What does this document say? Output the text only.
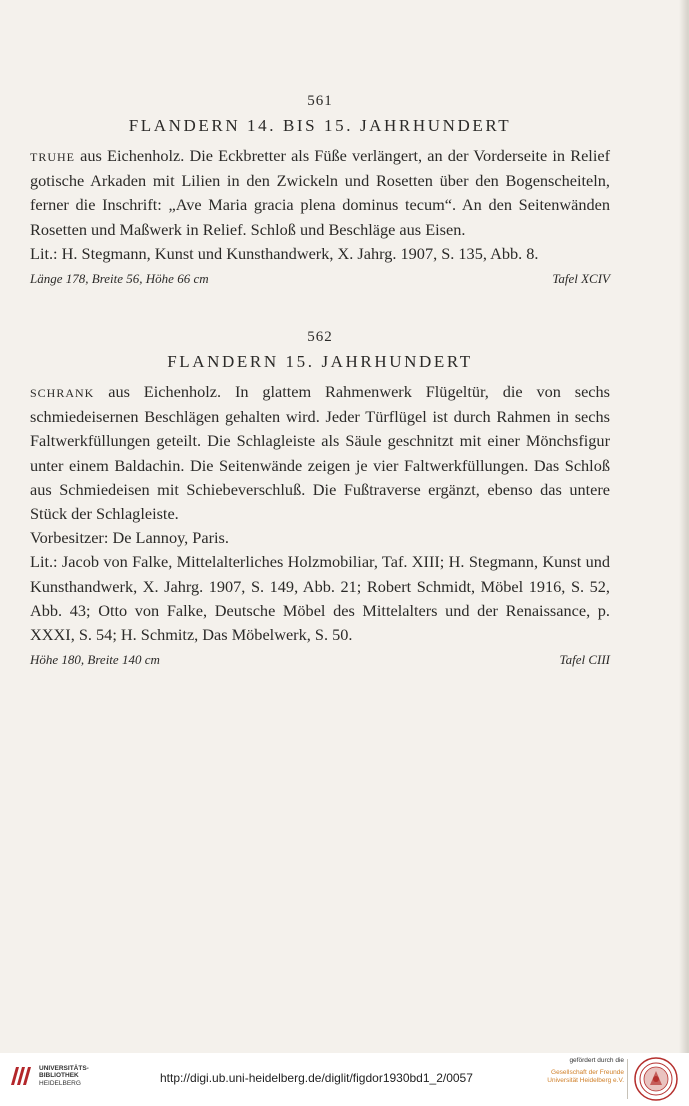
561
FLANDERN 14. BIS 15. JAHRHUNDERT

TRUHE aus Eichenholz. Die Eckbretter als Füße verlängert, an der Vorderseite in Relief gotische Arkaden mit Lilien in den Zwickeln und Rosetten über den Bogenscheiteln, ferner die Inschrift: „Ave Maria gracia plena dominus tecum“. An den Seitenwänden Rosetten und Maßwerk in Relief. Schloß und Beschläge aus Eisen.

Lit.: H. Stegmann, Kunst und Kunsthandwerk, X. Jahrg. 1907, S. 135, Abb. 8.

Länge 178, Breite 56, Höhe 66 cm	Tafel XCIV
562
FLANDERN 15. JAHRHUNDERT

SCHRANK aus Eichenholz. In glattem Rahmenwerk Flügeltür, die von sechs schmiedeisernen Beschlägen gehalten wird. Jeder Türflügel ist durch Rahmen in sechs Faltwerkfüllungen geteilt. Die Schlagleiste als Säule geschnitzt mit einer Mönchsfigur unter einem Baldachin. Die Seitenwände zeigen je vier Faltwerkfüllungen. Das Schloß aus Schmiedeisen mit Schiebeverschluß. Die Fußtraverse ergänzt, ebenso das untere Stück der Schlagleiste.

Vorbesitzer: De Lannoy, Paris.

Lit.: Jacob von Falke, Mittelalterliches Holzmobiliar, Taf. XIII; H. Stegmann, Kunst und Kunsthandwerk, X. Jahrg. 1907, S. 149, Abb. 21; Robert Schmidt, Möbel 1916, S. 52, Abb. 43; Otto von Falke, Deutsche Möbel des Mittelalters und der Renaissance, p. XXXI, S. 54; H. Schmitz, Das Möbelwerk, S. 50.

Höhe 180, Breite 140 cm	Tafel CIII
UNIVERSITÄTS-
BIBLIOTHEK
HEIDELBERG	http://digi.ub.uni-heidelberg.de/diglit/figdor1930bd1_2/0057
gefördert durch die
Gesellschaft der Freunde
Universität Heidelberg e.V.
